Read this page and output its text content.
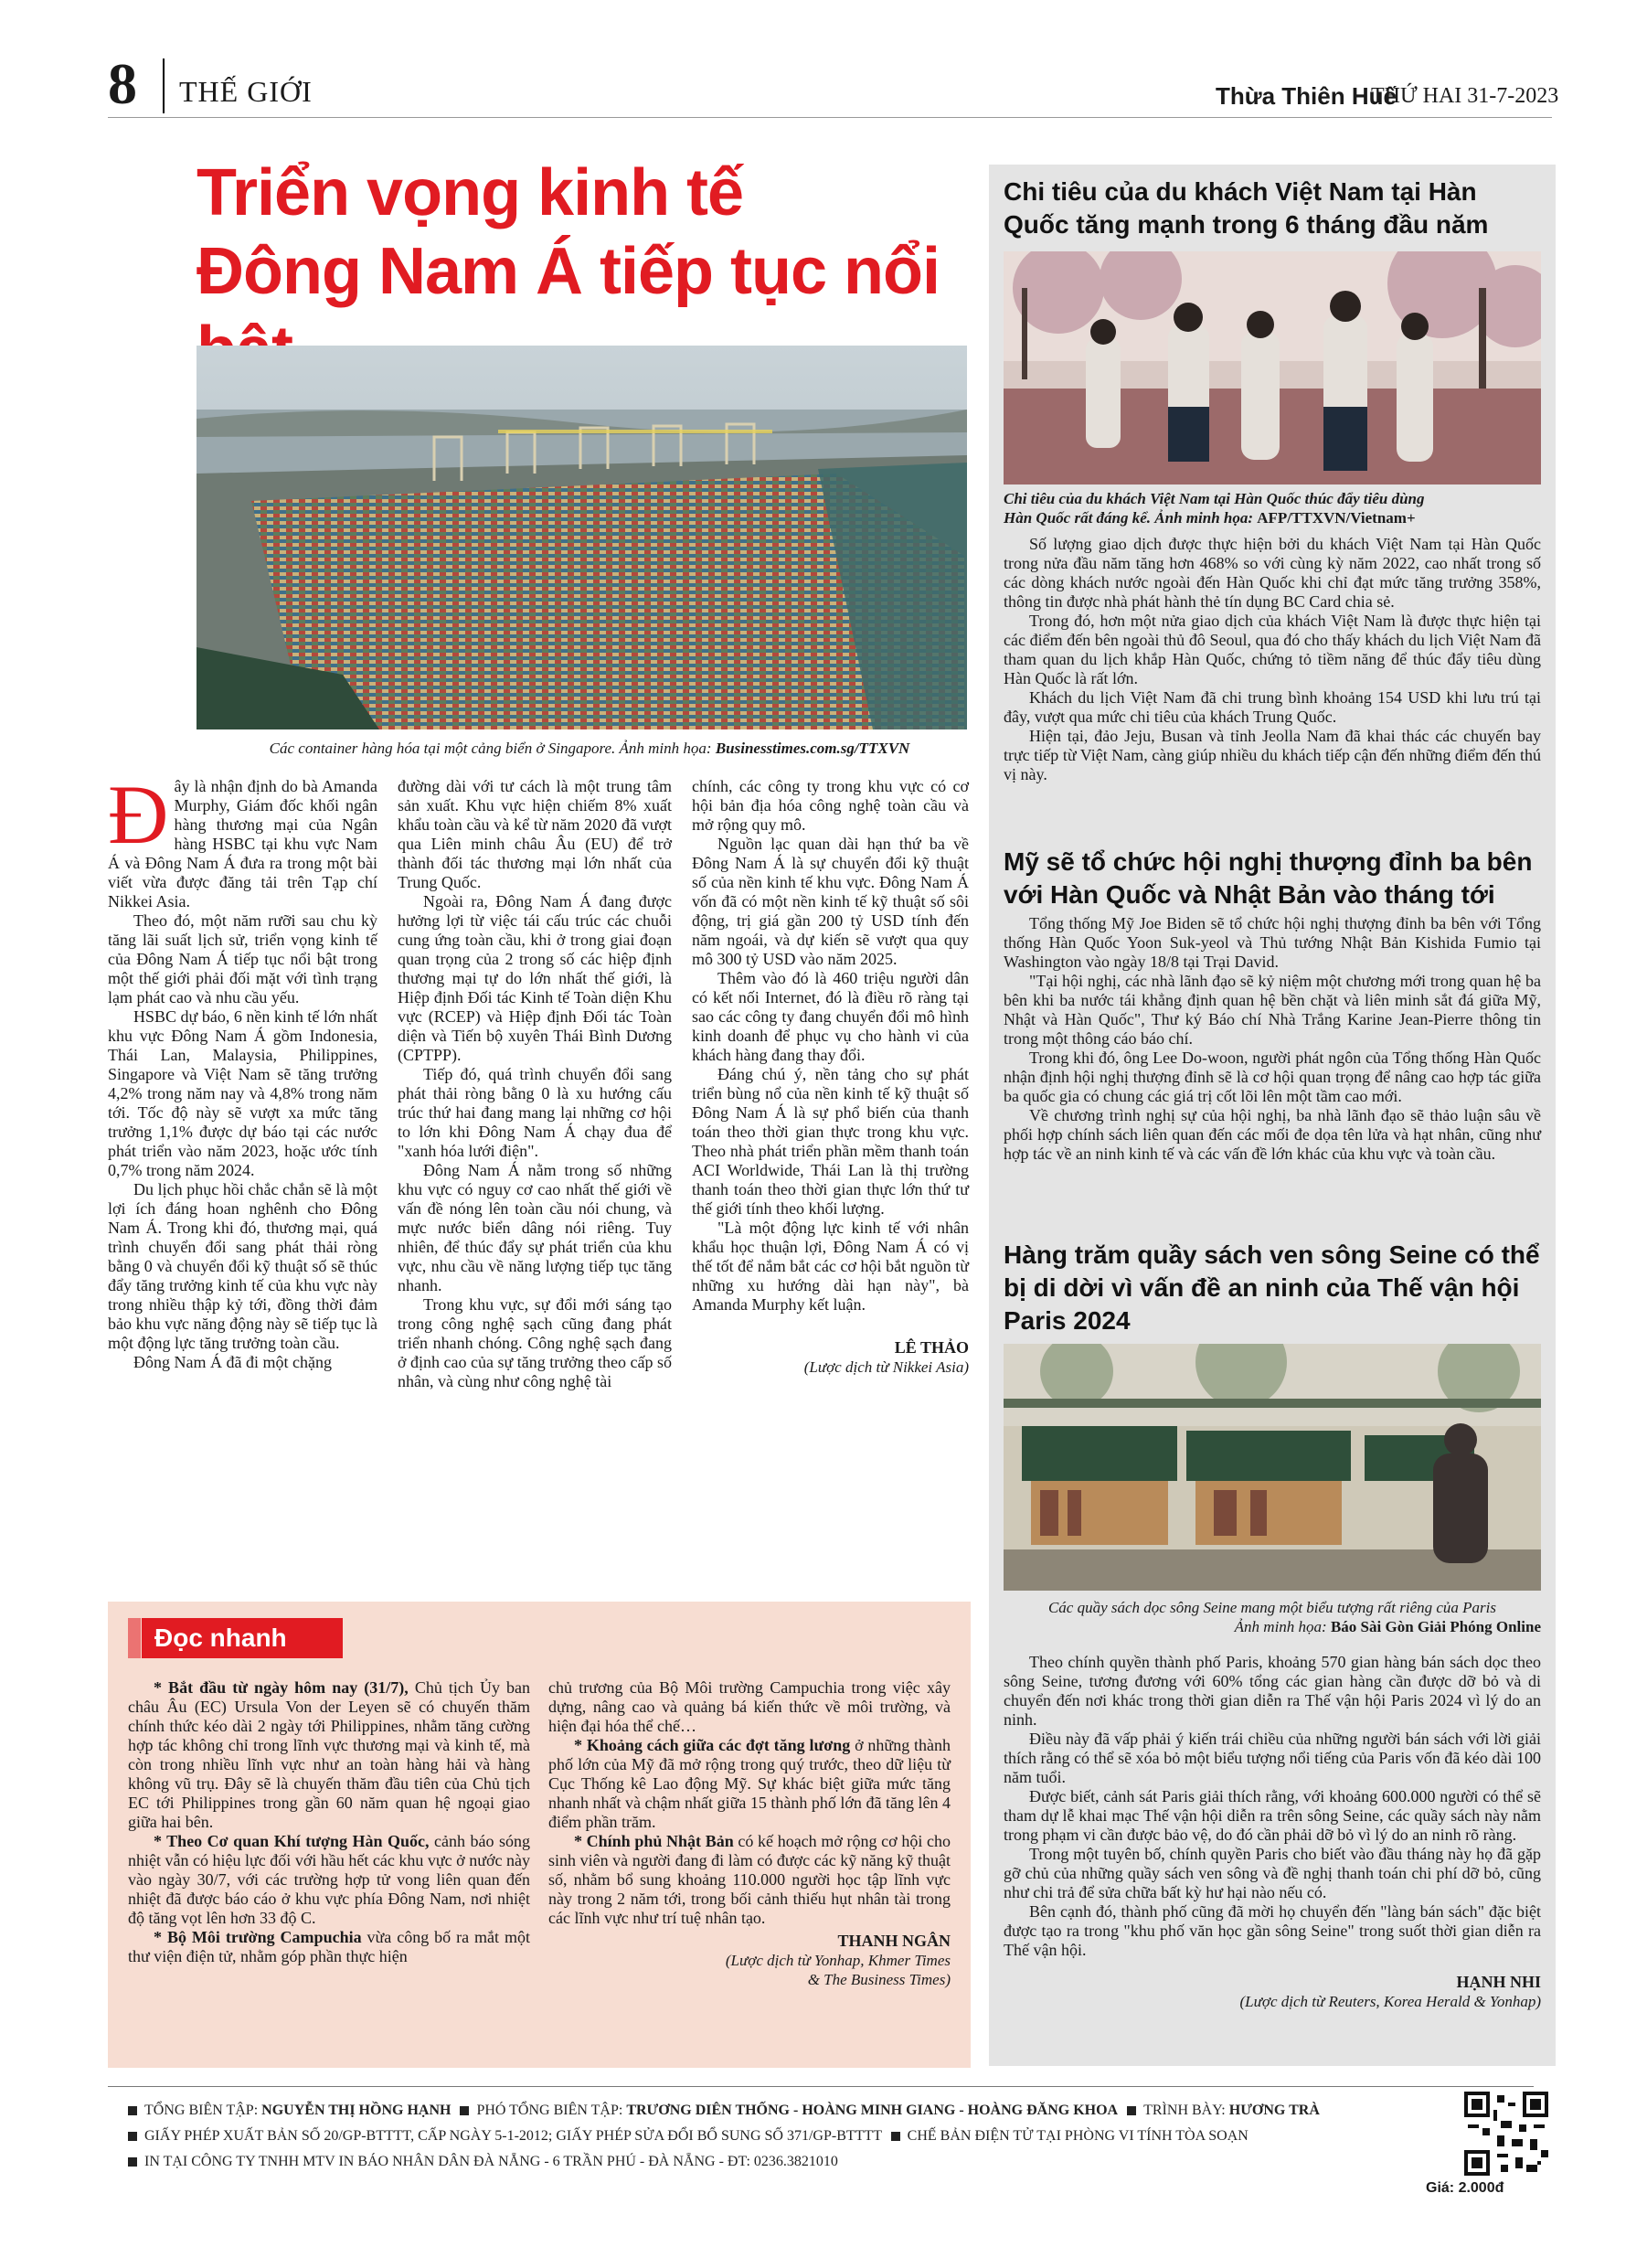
8 THẾ GIỚI	Thừa Thiên Huế
THỨ HAI 31-7-2023
Triển vọng kinh tế
Đông Nam Á tiếp tục nổi
Các container hàng hóa tại một cảng biển ở Singapore. Ảnh minh họa: Businesstimes.com.sg/TTXVN

Đây là nhận định do bà Amanda Murphy, Giám đốc khối ngân hàng thương mại của Ngân hàng HSBC tại khu vực Nam Á và Đông Nam Á đưa ra trong một bài viết vừa được đăng tải trên Tạp chí Nikkei Asia.

Theo đó, một năm rưỡi sau chu kỳ tăng lãi suất lịch sử, triển vọng kinh tế của Đông Nam Á tiếp tục nổi bật trong một thế giới phải đối mặt với tình trạng lạm phát cao và nhu cầu yếu.

HSBC dự báo, 6 nền kinh tế lớn nhất khu vực Đông Nam Á gồm Indonesia, Thái Lan, Malaysia, Philippines, Singapore và Việt Nam sẽ tăng trưởng 4,2% trong năm nay và 4,8% trong năm tới. Tốc độ này sẽ vượt xa mức tăng trưởng 1,1% được dự báo tại các nước phát triển vào năm 2023, hoặc ước tính 0,7% trong năm 2024.

Du lịch phục hồi chắc chắn sẽ là một lợi ích đáng hoan nghênh cho Đông Nam Á. Trong khi đó, thương mại, quá trình chuyển đổi sang phát thải ròng bằng 0 và chuyển đổi kỹ thuật số sẽ thúc đẩy tăng trưởng kinh tế của khu vực này trong nhiều thập kỷ tới, đồng thời đảm bảo khu vực năng động này sẽ tiếp tục là một động lực tăng trưởng toàn cầu.

Đông Nam Á đã đi một chặng

đường dài với tư cách là một trung tâm sản xuất. Khu vực hiện chiếm 8% xuất khẩu toàn cầu và kể từ năm 2020 đã vượt qua Liên minh châu Âu (EU) để trở thành đối tác thương mại lớn nhất của Trung Quốc.

Ngoài ra, Đông Nam Á đang được hưởng lợi từ việc tái cấu trúc các chuỗi cung ứng toàn cầu, khi ở trong giai đoạn quan trọng của 2 trong số các hiệp định thương mại tự do lớn nhất thế giới, là Hiệp định Đối tác Kinh tế Toàn diện Khu vực (RCEP) và Hiệp định Đối tác Toàn diện và Tiến bộ xuyên Thái Bình Dương (CPTPP).

Tiếp đó, quá trình chuyển đổi sang phát thải ròng bằng 0 là xu hướng cấu trúc thứ hai đang mang lại những cơ hội to lớn khi Đông Nam Á chạy đua để "xanh hóa lưới điện".

Đông Nam Á nằm trong số những khu vực có nguy cơ cao nhất thế giới về vấn đề nóng lên toàn cầu nói chung, và mực nước biển dâng nói riêng. Tuy nhiên, để thúc đẩy sự phát triển của khu vực, nhu cầu về năng lượng tiếp tục tăng nhanh.

Trong khu vực, sự đổi mới sáng tạo trong công nghệ sạch cũng đang phát triển nhanh chóng. Công nghệ sạch đang ở định cao của sự tăng trưởng theo cấp số nhân, và cùng như công nghệ tài

chính, các công ty trong khu vực có cơ hội bản địa hóa công nghệ toàn cầu và mở rộng quy mô.

Nguồn lạc quan dài hạn thứ ba về Đông Nam Á là sự chuyển đổi kỹ thuật số của nền kinh tế khu vực. Đông Nam Á vốn đã có một nền kinh tế kỹ thuật số sôi động, trị giá gần 200 tỷ USD tính đến năm ngoái, và dự kiến sẽ vượt qua quy mô 300 tỷ USD vào năm 2025.

Thêm vào đó là 460 triệu người dân có kết nối Internet, đó là điều rõ ràng tại sao các công ty đang chuyển đổi mô hình kinh doanh để phục vụ cho hành vi của khách hàng đang thay đổi.

Đáng chú ý, nền tảng cho sự phát triển bùng nổ của nền kinh tế kỹ thuật số Đông Nam Á là sự phổ biến của thanh toán theo thời gian thực trong khu vực. Theo nhà phát triển phần mềm thanh toán ACI Worldwide, Thái Lan là thị trường thanh toán theo thời gian thực lớn thứ tư thế giới tính theo khối lượng.

"Là một động lực kinh tế với nhân khẩu học thuận lợi, Đông Nam Á có vị thế tốt để nắm bắt các cơ hội bắt nguồn từ những xu hướng dài hạn này", bà Amanda Murphy kết luận.

LÊ THẢO
(Lược dịch từ Nikkei Asia)
Chi tiêu của du khách Việt Nam tại Hàn Quốc tăng mạnh trong 6 tháng đầu năm
Chi tiêu của du khách Việt Nam tại Hàn Quốc thúc đẩy tiêu dùng
Hàn Quốc rất đáng kể. Ảnh minh họa: AFP/TTXVN/Vietnam+

Số lượng giao dịch được thực hiện bởi du khách Việt Nam tại Hàn Quốc trong nửa đầu năm tăng hơn 468% so với cùng kỳ năm 2022, cao nhất trong số các dòng khách nước ngoài đến Hàn Quốc khi chỉ đạt mức tăng trưởng 358%, thông tin được nhà phát hành thẻ tín dụng BC Card chia sẻ.

Trong đó, hơn một nửa giao dịch của khách Việt Nam là được thực hiện tại các điểm đến bên ngoài thủ đô Seoul, qua đó cho thấy khách du lịch Việt Nam đã tham quan du lịch khắp Hàn Quốc, chứng tỏ tiềm năng để thúc đẩy tiêu dùng Hàn Quốc là rất lớn.

Khách du lịch Việt Nam đã chi trung bình khoảng 154 USD khi lưu trú tại đây, vượt qua mức chi tiêu của khách Trung Quốc.

Hiện tại, đảo Jeju, Busan và tỉnh Jeolla Nam đã khai thác các chuyến bay trực tiếp từ Việt Nam, càng giúp nhiều du khách tiếp cận đến những điểm đến thú vị này.

Mỹ sẽ tổ chức hội nghị thượng đỉnh ba bên với Hàn Quốc và Nhật Bản vào tháng tới

Tổng thống Mỹ Joe Biden sẽ tổ chức hội nghị thượng đỉnh ba bên với Tổng thống Hàn Quốc Yoon Suk-yeol và Thủ tướng Nhật Bản Kishida Fumio tại Washington vào ngày 18/8 tại Trại David.

"Tại hội nghị, các nhà lãnh đạo sẽ kỷ niệm một chương mới trong quan hệ ba bên khi ba nước tái khẳng định quan hệ bền chặt và liên minh sắt đá giữa Mỹ, Nhật và Hàn Quốc", Thư ký Báo chí Nhà Trắng Karine Jean-Pierre thông tin trong một thông cáo báo chí.

Trong khi đó, ông Lee Do-woon, người phát ngôn của Tổng thống Hàn Quốc nhận định hội nghị thượng đỉnh sẽ là cơ hội quan trọng để nâng cao hợp tác giữa ba quốc gia có chung các giá trị cốt lõi lên một tầm cao mới.

Về chương trình nghị sự của hội nghị, ba nhà lãnh đạo sẽ thảo luận sâu về phối hợp chính sách liên quan đến các mối đe dọa tên lửa và hạt nhân, cũng như hợp tác về an ninh kinh tế và các vấn đề lớn khác của khu vực và toàn cầu.

Hàng trăm quầy sách ven sông Seine có thể bị di dời vì vấn đề an ninh của Thế vận hội Paris 2024
Các quầy sách dọc sông Seine mang một biểu tượng rất riêng của Paris
Ảnh minh họa: Báo Sài Gòn Giải Phóng Online

Theo chính quyền thành phố Paris, khoảng 570 gian hàng bán sách dọc theo sông Seine, tương đương với 60% tổng các gian hàng cần được dỡ bỏ và di chuyển đến nơi khác trong thời gian diễn ra Thế vận hội Paris 2024 vì lý do an ninh.

Điều này đã vấp phải ý kiến trái chiều của những người bán sách với lời giải thích rằng có thể sẽ xóa bỏ một biểu tượng nổi tiếng của Paris vốn đã kéo dài 100 năm tuổi.

Được biết, cảnh sát Paris giải thích rằng, với khoảng 600.000 người có thể sẽ tham dự lễ khai mạc Thế vận hội diễn ra trên sông Seine, các quầy sách này nằm trong phạm vi cần được bảo vệ, do đó cần phải dỡ bỏ vì lý do an ninh rõ ràng.

Trong một tuyên bố, chính quyền Paris cho biết vào đầu tháng này họ đã gặp gỡ chủ của những quầy sách ven sông và đề nghị thanh toán chi phí dỡ bỏ, cũng như chi trả để sửa chữa bất kỳ hư hại nào nếu có.

Bên cạnh đó, thành phố cũng đã mời họ chuyển đến "làng bán sách" đặc biệt được tạo ra trong "khu phố văn học gần sông Seine" trong suốt thời gian diễn ra Thế vận hội.

HẠNH NHI
(Lược dịch từ Reuters, Korea Herald & Yonhap)
Đọc nhanh

* Bắt đầu từ ngày hôm nay (31/7), Chủ tịch Ủy ban châu Âu (EC) Ursula Von der Leyen sẽ có chuyến thăm chính thức kéo dài 2 ngày tới Philippines, nhằm tăng cường hợp tác không chỉ trong lĩnh vực thương mại và kinh tế, mà còn trong nhiều lĩnh vực như an toàn hàng hải và hàng không vũ trụ. Đây sẽ là chuyến thăm đầu tiên của Chủ tịch EC tới Philippines trong gần 60 năm quan hệ ngoại giao giữa hai bên.

* Theo Cơ quan Khí tượng Hàn Quốc, cảnh báo sóng nhiệt vẫn có hiệu lực đối với hầu hết các khu vực ở nước này vào ngày 30/7, với các trường hợp tử vong liên quan đến nhiệt đã được báo cáo ở khu vực phía Đông Nam, nơi nhiệt độ tăng vọt lên hơn 33 độ C.

* Bộ Môi trường Campuchia vừa công bố ra mắt một thư viện điện tử, nhằm góp phần thực hiện

chủ trương của Bộ Môi trường Campuchia trong việc xây dựng, nâng cao và quảng bá kiến thức về môi trường, và hiện đại hóa thể chế…

* Khoảng cách giữa các đợt tăng lương ở những thành phố lớn của Mỹ đã mở rộng trong quý trước, theo dữ liệu từ Cục Thống kê Lao động Mỹ. Sự khác biệt giữa mức tăng nhanh nhất và chậm nhất giữa 15 thành phố lớn đã tăng lên 4 điểm phần trăm.

* Chính phủ Nhật Bản có kế hoạch mở rộng cơ hội cho sinh viên và người đang đi làm có được các kỹ năng kỹ thuật số, nhằm bổ sung khoảng 110.000 người học tập lĩnh vực này trong 2 năm tới, trong bối cảnh thiếu hụt nhân tài trong các lĩnh vực như trí tuệ nhân tạo.

THANH NGÂN
(Lược dịch từ Yonhap, Khmer Times
& The Business Times)
TỔNG BIÊN TẬP: NGUYỄN THỊ HỒNG HẠNH PHÓ TỔNG BIÊN TẬP: TRƯƠNG DIÊN THỐNG - HOÀNG MINH GIANG - HOÀNG ĐĂNG KHOA TRÌNH BÀY: HƯƠNG TRÀ
GIẤY PHÉP XUẤT BẢN SỐ 20/GP-BTTTT, CẤP NGÀY 5-1-2012; GIẤY PHÉP SỬA ĐỔI BỔ SUNG SỐ 371/GP-BTTTT CHẾ BẢN ĐIỆN TỬ TẠI PHÒNG VI TÍNH TÒA SOẠN
IN TẠI CÔNG TY TNHH MTV IN BÁO NHÂN DÂN ĐÀ NẴNG - 6 TRẦN PHÚ - ĐÀ NẴNG - ĐT: 0236.3821010
Giá: 2.000đ
